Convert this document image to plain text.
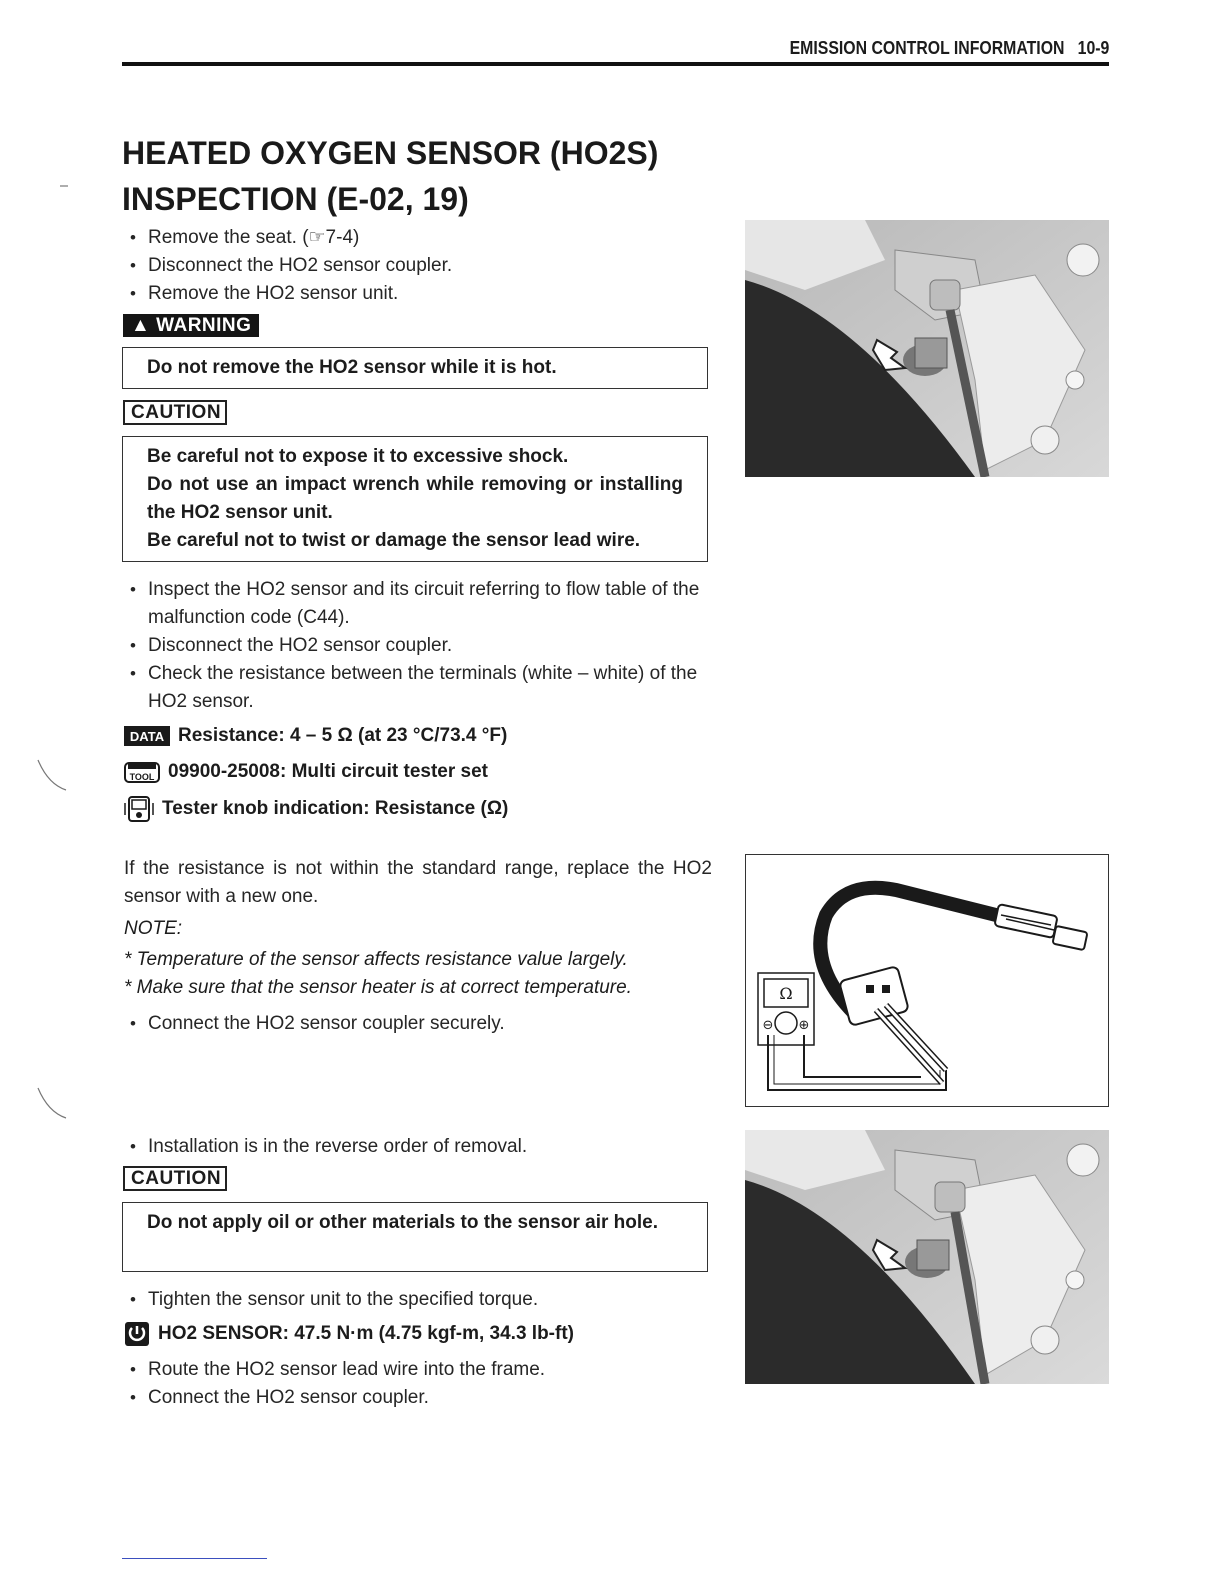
EMISSION CONTROL INFORMATION 10-9
HEATED OXYGEN SENSOR (HO2S)
INSPECTION (E-02, 19)
• Remove the seat. (☞7-4)
• Disconnect the HO2 sensor coupler.
• Remove the HO2 sensor unit.
▲ WARNING
Do not remove the HO2 sensor while it is hot.
CAUTION
Be careful not to expose it to excessive shock.
Do not use an impact wrench while removing or installing the HO2 sensor unit.
Be careful not to twist or damage the sensor lead wire.
• Inspect the HO2 sensor and its circuit referring to flow table of the malfunction code (C44).
• Disconnect the HO2 sensor coupler.
• Check the resistance between the terminals (white – white) of the HO2 sensor.
DATA Resistance: 4 – 5 Ω (at 23 °C/73.4 °F)
TOOL 09900-25008: Multi circuit tester set
Tester knob indication: Resistance (Ω)
If the resistance is not within the standard range, replace the HO2 sensor with a new one.
NOTE:
* Temperature of the sensor affects resistance value largely.
* Make sure that the sensor heater is at correct temperature.
• Connect the HO2 sensor coupler securely.
• Installation is in the reverse order of removal.
CAUTION
Do not apply oil or other materials to the sensor air hole.
• Tighten the sensor unit to the specified torque.
HO2 SENSOR: 47.5 N·m (4.75 kgf-m, 34.3 lb-ft)
• Route the HO2 sensor lead wire into the frame.
• Connect the HO2 sensor coupler.
Ω
⊖ ⊕
